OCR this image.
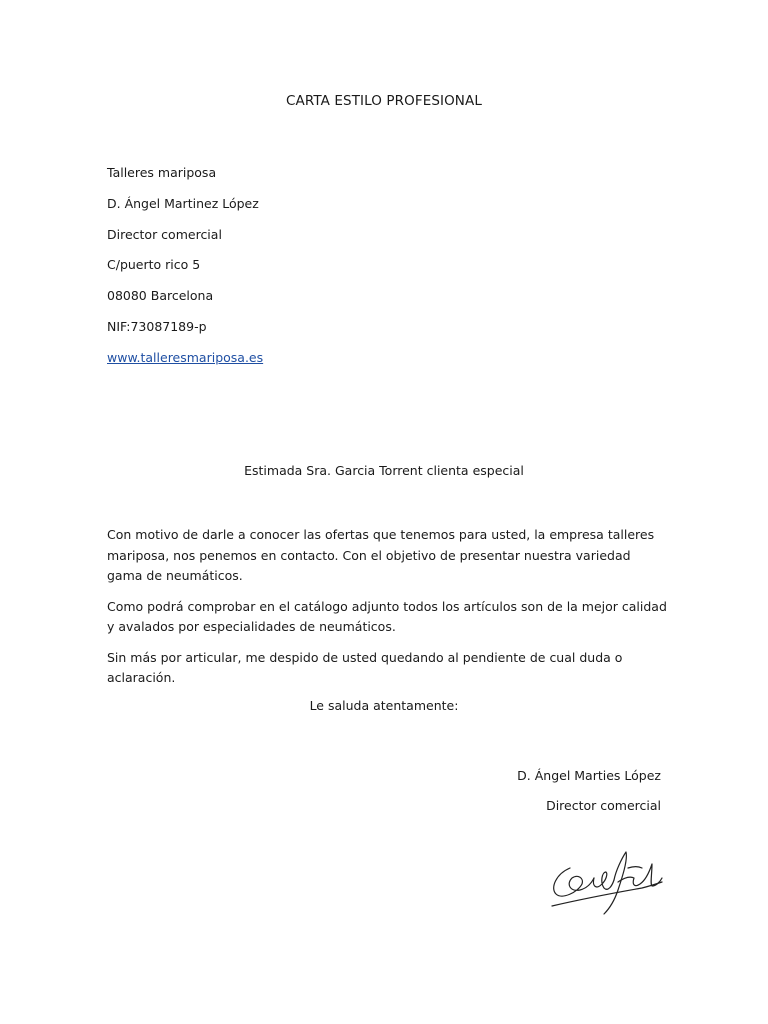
CARTA ESTILO PROFESIONAL
Talleres mariposa
D. Ángel Martinez López
Director comercial
C/puerto rico 5
08080 Barcelona
NIF:73087189-p
www.talleresmariposa.es
Estimada Sra. Garcia Torrent clienta especial

Con motivo de darle a conocer las ofertas que tenemos para usted, la empresa talleres mariposa, nos penemos en contacto. Con el objetivo de presentar nuestra variedad gama de neumáticos.

Como podrá comprobar en el catálogo adjunto todos los artículos son de la mejor calidad y avalados por especialidades de neumáticos.

Sin más por articular, me despido de usted quedando al pendiente de cual duda o aclaración.

Le saluda atentamente:
D. Ángel Marties López
Director comercial
